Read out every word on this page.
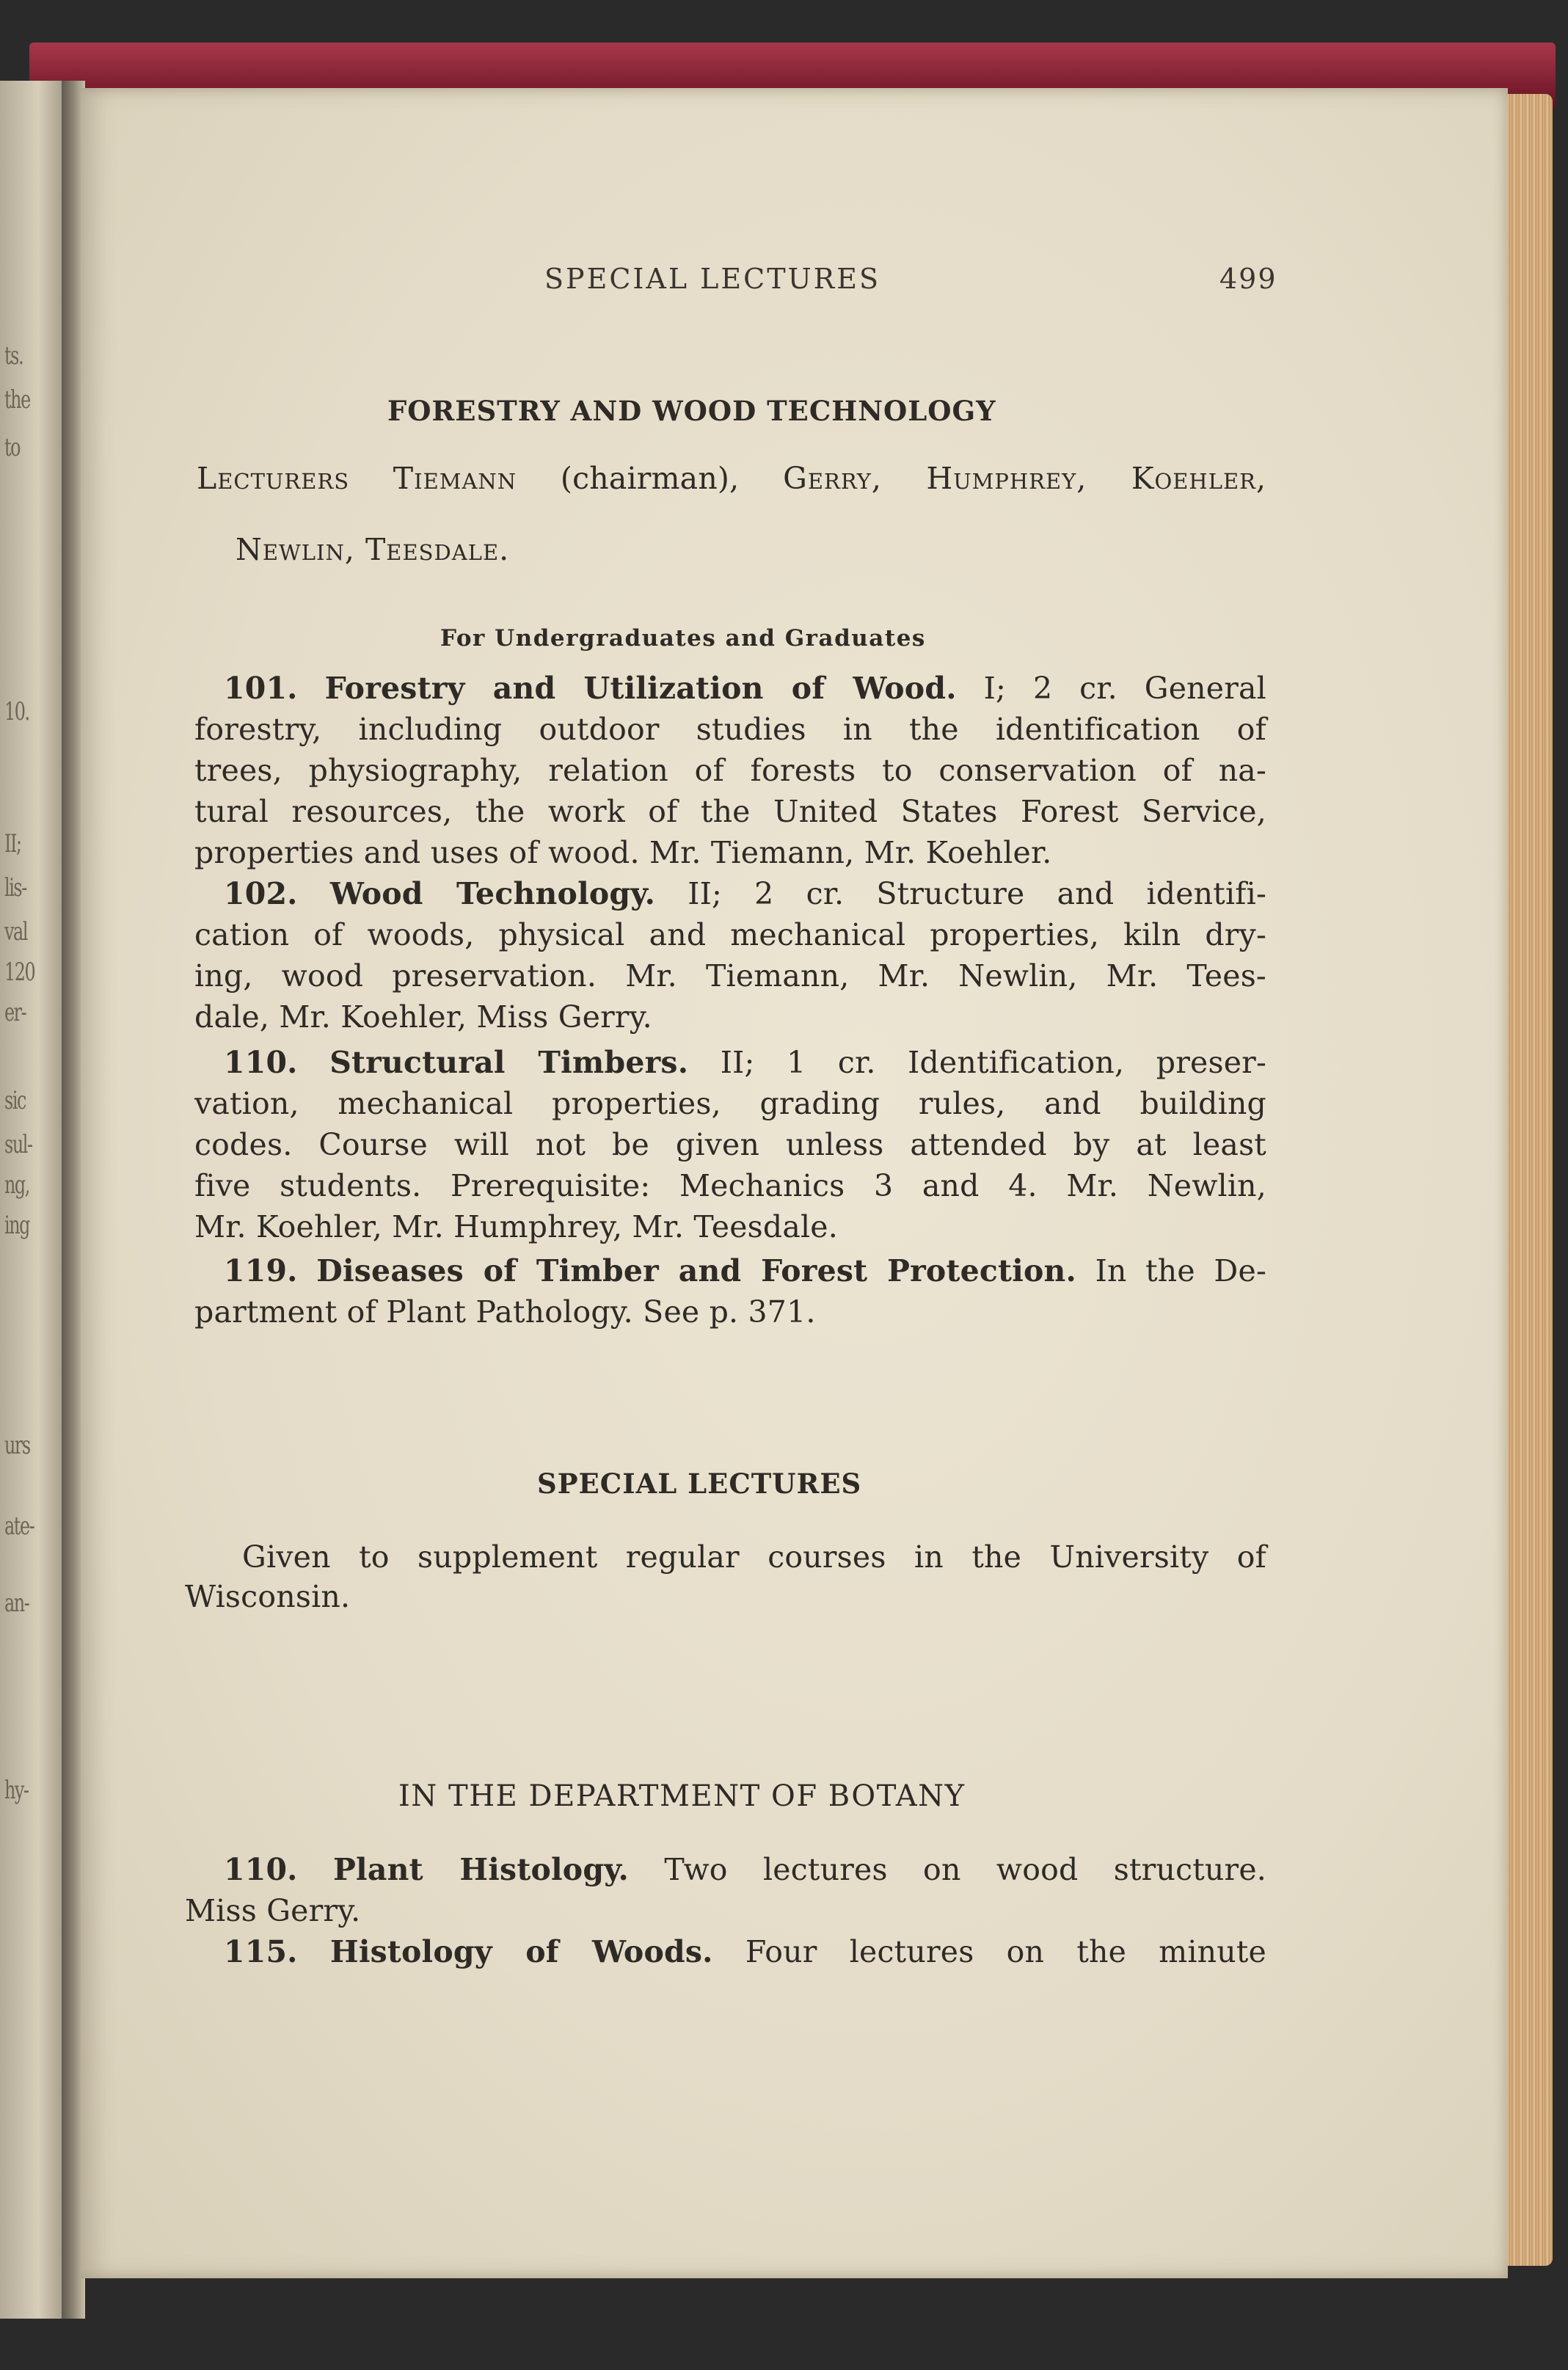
ts.
the
to
10.
II;
lis-
val
120
er-
sic
sul-
ng,
ing
urs
ate-
an-
hy-
SPECIAL LECTURES	499
FORESTRY AND WOOD TECHNOLOGY
Lecturers Tiemann (chairman), Gerry, Humphrey, Koehler,

Newlin, Teesdale.

For Undergraduates and Graduates
101. Forestry and Utilization of Wood. I; 2 cr. General
forestry, including outdoor studies in the identification of
trees, physiography, relation of forests to conservation of na-
tural resources, the work of the United States Forest Service,
properties and uses of wood. Mr. Tiemann, Mr. Koehler.
102. Wood Technology. II; 2 cr. Structure and identifi-
cation of woods, physical and mechanical properties, kiln dry-
ing, wood preservation. Mr. Tiemann, Mr. Newlin, Mr. Tees-
dale, Mr. Koehler, Miss Gerry.
110. Structural Timbers. II; 1 cr. Identification, preser-
vation, mechanical properties, grading rules, and building
codes. Course will not be given unless attended by at least
five students. Prerequisite: Mechanics 3 and 4. Mr. Newlin,
Mr. Koehler, Mr. Humphrey, Mr. Teesdale.
119. Diseases of Timber and Forest Protection. In the De-
partment of Plant Pathology. See p. 371.
SPECIAL LECTURES
Given to supplement regular courses in the University of
Wisconsin.
IN THE DEPARTMENT OF BOTANY
110. Plant Histology. Two lectures on wood structure.
Miss Gerry.
115. Histology of Woods. Four lectures on the minute
